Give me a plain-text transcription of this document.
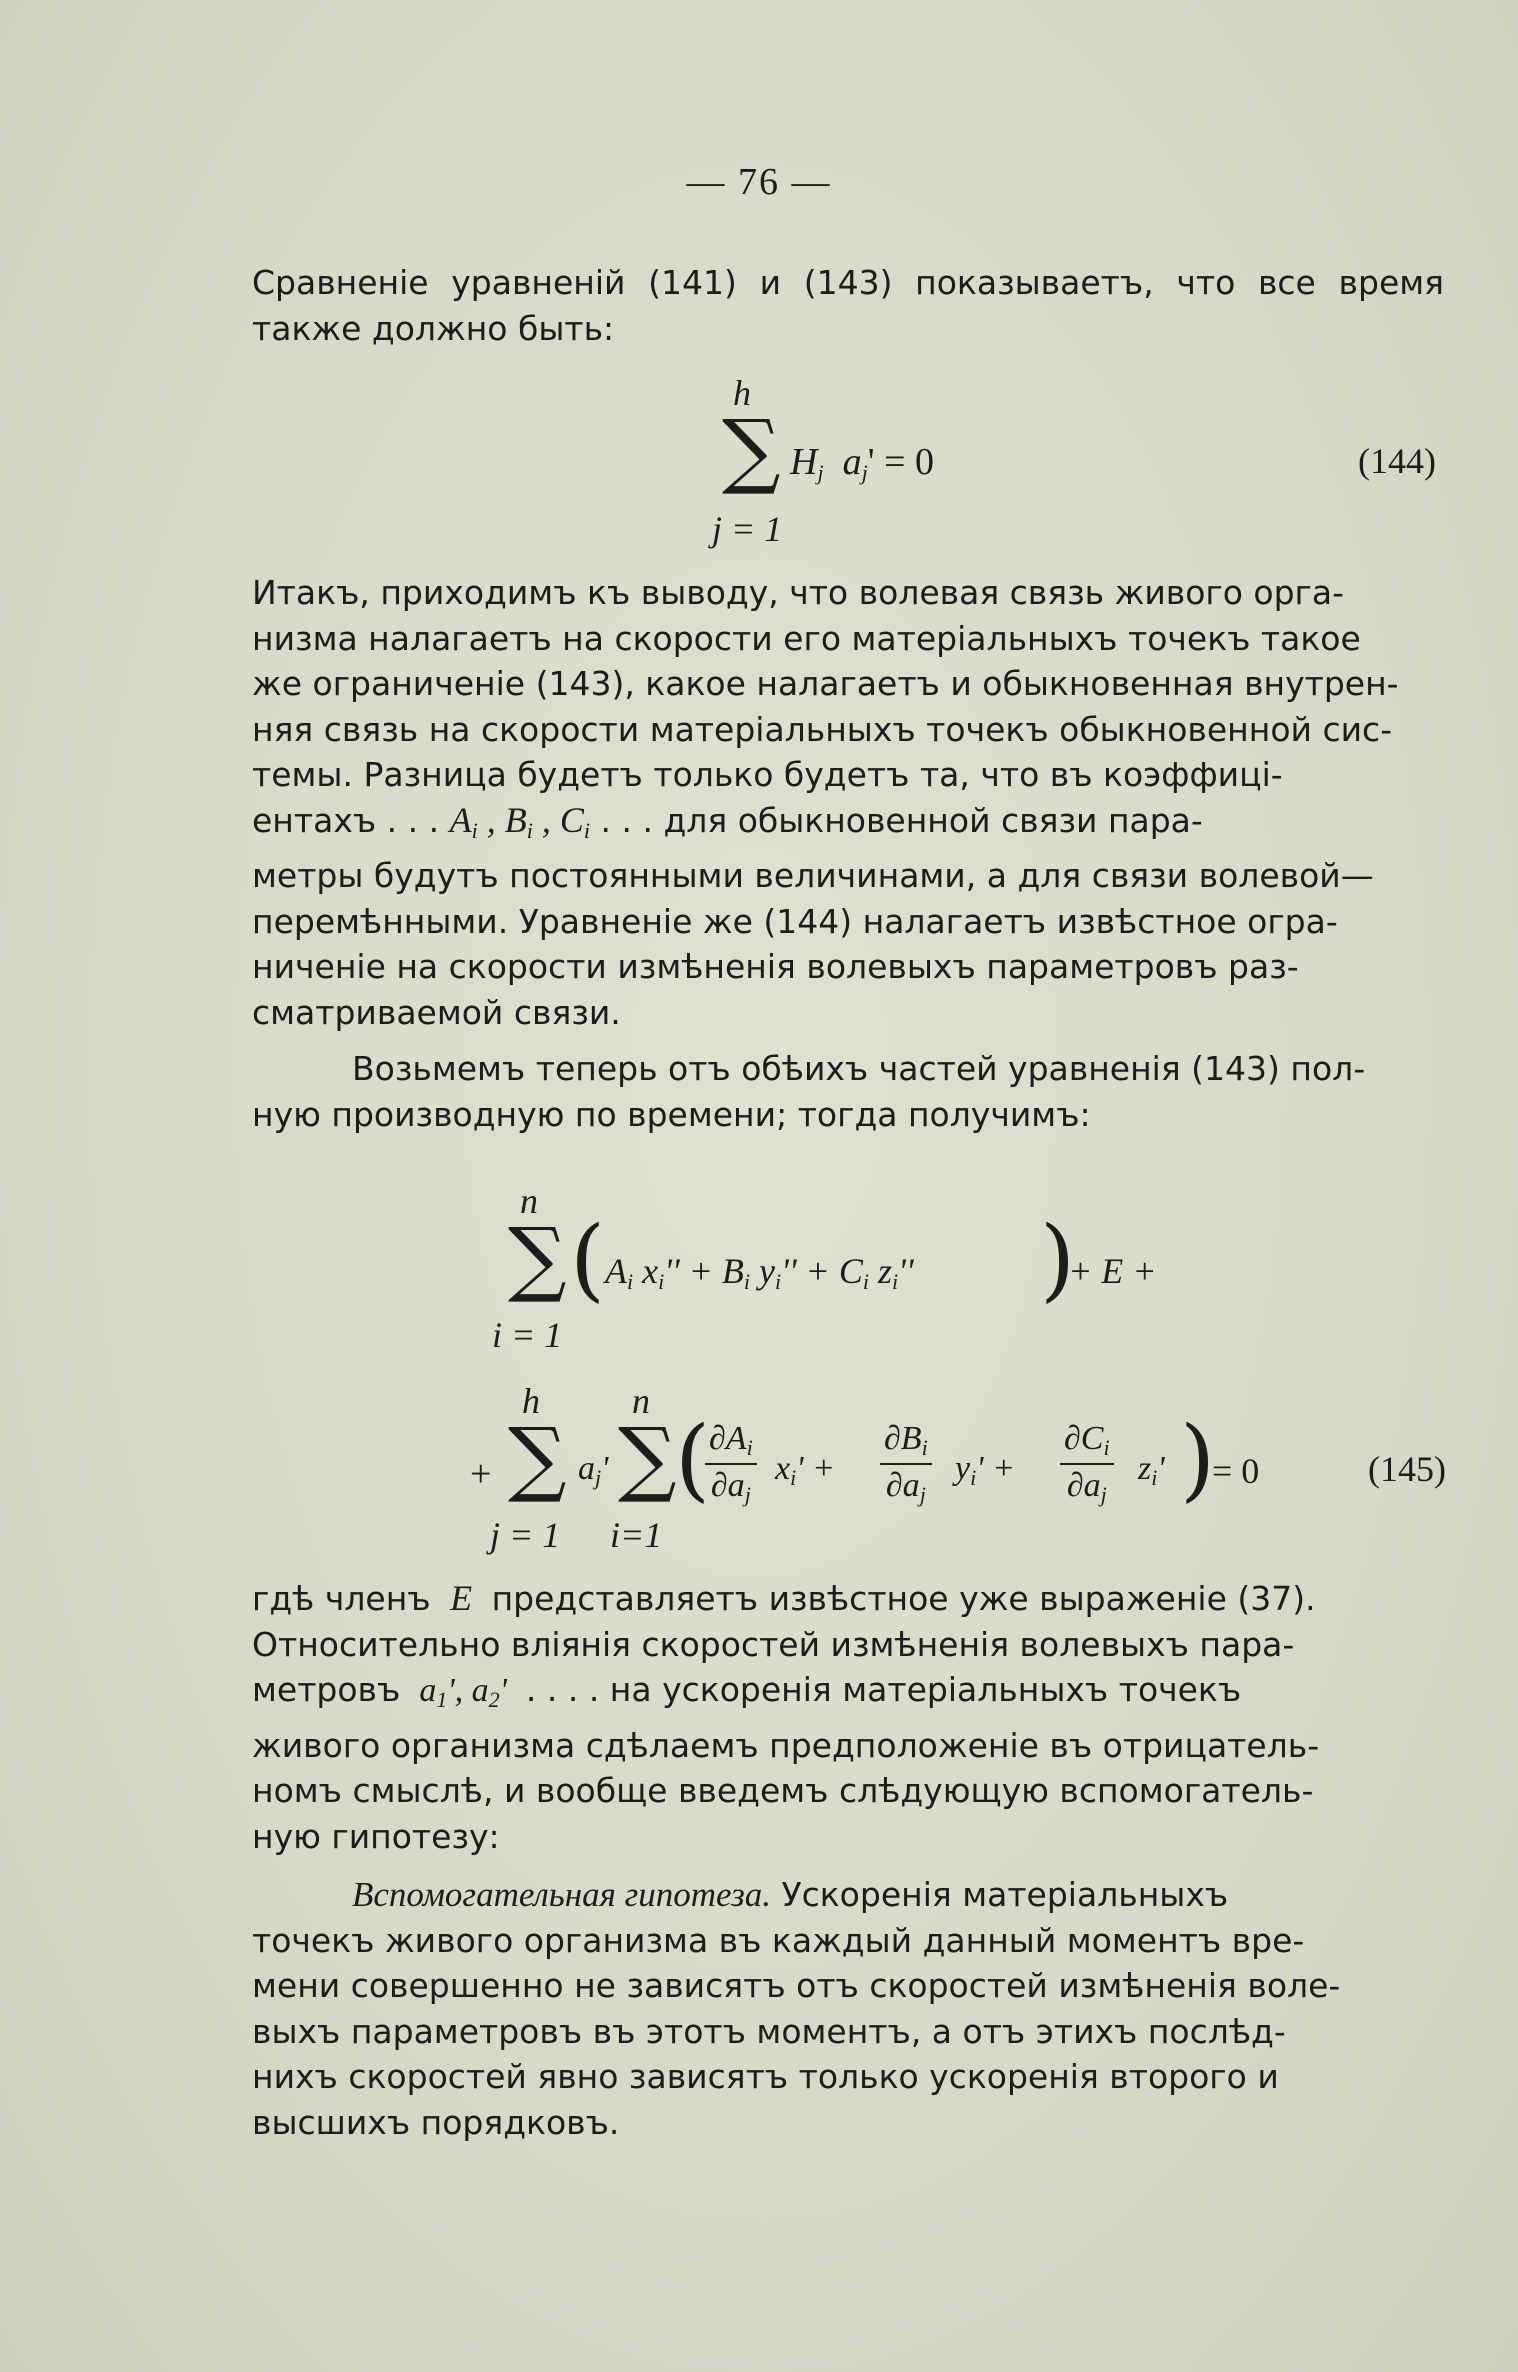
— 76 —
Сравненіе уравненій (141) и (143) показываетъ, что все время также должно быть:
h
∑ $H_j$ $a_j' = 0$
j = 1
(144)
Итакъ, приходимъ къ выводу, что волевая связь живого орга-
низма налагаетъ на скорости его матеріальныхъ точекъ такое
же ограниченіе (143), какое налагаетъ и обыкновенная внутрен-
няя связь на скорости матеріальныхъ точекъ обыкновенной сис-
темы. Разница будетъ только будетъ та, что въ коэффиці-
ентахъ . . . $A_i$ , $B_i$ , $C_i$ . . . для обыкновенной связи пара-
метры будутъ постоянными величинами, а для связи волевой—
перемѣнными. Уравненіе же (144) налагаетъ извѣстное огра-
ниченіе на скорости измѣненія волевыхъ параметровъ раз-
сматриваемой связи.
Возьмемъ теперь отъ обѣихъ частей уравненія (143) пол-
ную производную по времени; тогда получимъ:
n
∑
i = 1
( $A_i$ $x_i'' + B_i$ $y_i'' + C_i$ $z_i''$ )
+ E +
h
+ ∑
j = 1
$a_j'$
n
∑
i=1
(
$\frac{\partial A_i}{\partial a_j} x_i' + \frac{\partial B_i}{\partial a_j} y_i' + \frac{\partial C_i}{\partial a_j} z_i'$ )
= 0	(145)
гдѣ членъ  E  представляетъ извѣстное уже выраженіе (37).
Относительно вліянія скоростей измѣненія волевыхъ пара-
метровъ  $a_1'$, $a_2'$  . . . . на ускоренія матеріальныхъ точекъ
живого организма сдѣлаемъ предположеніе въ отрицатель-
номъ смыслѣ, и вообще введемъ слѣдующую вспомогатель-
ную гипотезу:
Вспомогательная гипотеза. Ускоренія матеріальныхъ
точекъ живого организма въ каждый данный моментъ вре-
мени совершенно не зависятъ отъ скоростей измѣненія воле-
выхъ параметровъ въ этотъ моментъ, а отъ этихъ послѣд-
нихъ скоростей явно зависятъ только ускоренія второго и
высшихъ порядковъ.
